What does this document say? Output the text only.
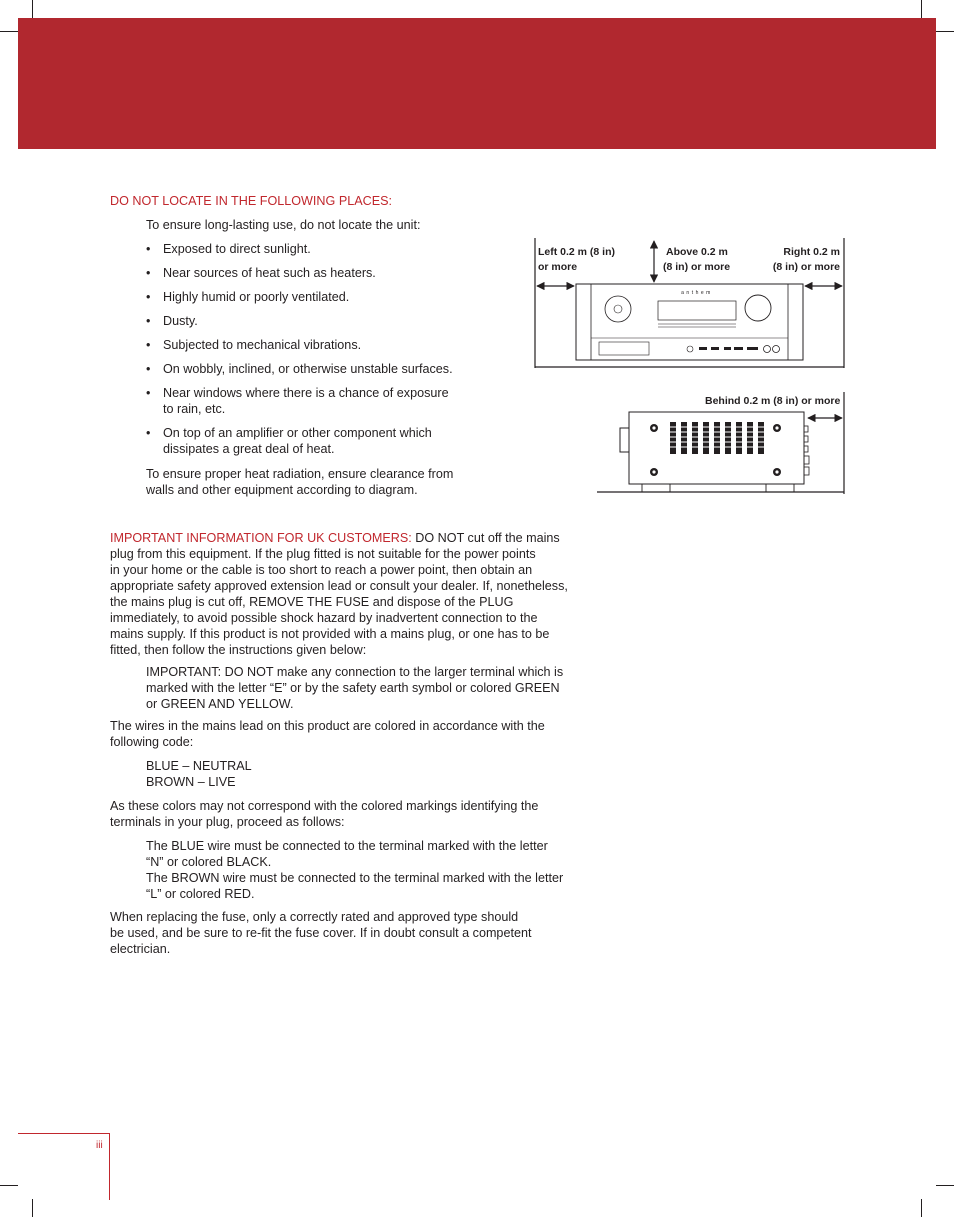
DO NOT LOCATE IN THE FOLLOWING PLACES:
To ensure long-lasting use, do not locate the unit:
• Exposed to direct sunlight.
• Near sources of heat such as heaters.
• Highly humid or poorly ventilated.
• Dusty.
• Subjected to mechanical vibrations.
• On wobbly, inclined, or otherwise unstable surfaces.
• Near windows where there is a chance of exposure to rain, etc.
• On top of an amplifier or other component which dissipates a great deal of heat.
To ensure proper heat radiation, ensure clearance from walls and other equipment according to diagram.
anthem
Left 0.2 m (8 in)
or more
Above 0.2 m
(8 in) or more
Right 0.2 m
(8 in) or more
Behind 0.2 m (8 in) or more
IMPORTANT INFORMATION FOR UK CUSTOMERS: DO NOT cut off the mains
plug from this equipment. If the plug fitted is not suitable for the power points
in your home or the cable is too short to reach a power point, then obtain an
appropriate safety approved extension lead or consult your dealer. If, nonetheless,
the mains plug is cut off, REMOVE THE FUSE and dispose of the PLUG
immediately, to avoid possible shock hazard by inadvertent connection to the
mains supply. If this product is not provided with a mains plug, or one has to be
fitted, then follow the instructions given below:
IMPORTANT: DO NOT make any connection to the larger terminal which is
marked with the letter “E” or by the safety earth symbol or colored GREEN
or GREEN AND YELLOW.
The wires in the mains lead on this product are colored in accordance with the
following code:
BLUE – NEUTRAL
BROWN – LIVE
As these colors may not correspond with the colored markings identifying the
terminals in your plug, proceed as follows:
The BLUE wire must be connected to the terminal marked with the letter
“N” or colored BLACK.
The BROWN wire must be connected to the terminal marked with the letter
“L” or colored RED.
When replacing the fuse, only a correctly rated and approved type should
be used, and be sure to re-fit the fuse cover. If in doubt consult a competent
electrician.
iii
